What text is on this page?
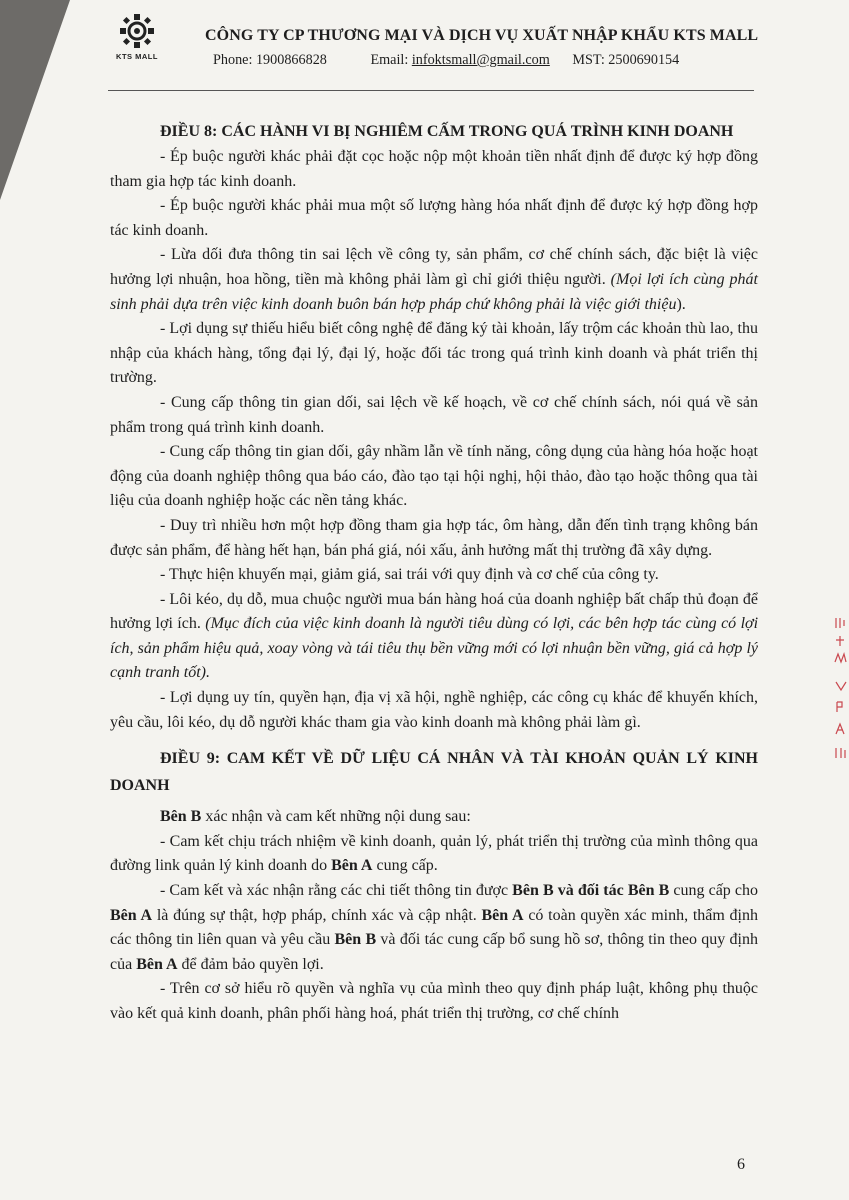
KTS MALL
CÔNG TY CP THƯƠNG MẠI VÀ DỊCH VỤ XUẤT NHẬP KHẨU KTS MALL
Phone: 1900866828	Email: infoktsmall@gmail.com MST: 2500690154

ĐIỀU 8: CÁC HÀNH VI BỊ NGHIÊM CẤM TRONG QUÁ TRÌNH KINH DOANH

- Ép buộc người khác phải đặt cọc hoặc nộp một khoản tiền nhất định để được ký hợp đồng tham gia hợp tác kinh doanh.

- Ép buộc người khác phải mua một số lượng hàng hóa nhất định để được ký hợp đồng hợp tác kinh doanh.

- Lừa dối đưa thông tin sai lệch về công ty, sản phẩm, cơ chế chính sách, đặc biệt là việc hưởng lợi nhuận, hoa hồng, tiền mà không phải làm gì chỉ giới thiệu người. (Mọi lợi ích cùng phát sinh phải dựa trên việc kinh doanh buôn bán hợp pháp chứ không phải là việc giới thiệu).

- Lợi dụng sự thiếu hiểu biết công nghệ để đăng ký tài khoản, lấy trộm các khoản thù lao, thu nhập của khách hàng, tổng đại lý, đại lý, hoặc đối tác trong quá trình kinh doanh và phát triển thị trường.

- Cung cấp thông tin gian dối, sai lệch về kế hoạch, về cơ chế chính sách, nói quá về sản phẩm trong quá trình kinh doanh.

- Cung cấp thông tin gian dối, gây nhầm lẫn về tính năng, công dụng của hàng hóa hoặc hoạt động của doanh nghiệp thông qua báo cáo, đào tạo tại hội nghị, hội thảo, đào tạo hoặc thông qua tài liệu của doanh nghiệp hoặc các nền tảng khác.

- Duy trì nhiều hơn một hợp đồng tham gia hợp tác, ôm hàng, dẫn đến tình trạng không bán được sản phẩm, để hàng hết hạn, bán phá giá, nói xấu, ảnh hưởng mất thị trường đã xây dựng.

- Thực hiện khuyến mại, giảm giá, sai trái với quy định và cơ chế của công ty.

- Lôi kéo, dụ dỗ, mua chuộc người mua bán hàng hoá của doanh nghiệp bất chấp thủ đoạn để hưởng lợi ích. (Mục đích của việc kinh doanh là người tiêu dùng có lợi, các bên hợp tác cùng có lợi ích, sản phẩm hiệu quả, xoay vòng và tái tiêu thụ bền vững mới có lợi nhuận bền vững, giá cả hợp lý cạnh tranh tốt).

- Lợi dụng uy tín, quyền hạn, địa vị xã hội, nghề nghiệp, các công cụ khác để khuyến khích, yêu cầu, lôi kéo, dụ dỗ người khác tham gia vào kinh doanh mà không phải làm gì.

ĐIỀU 9: CAM KẾT VỀ DỮ LIỆU CÁ NHÂN VÀ TÀI KHOẢN QUẢN LÝ KINH DOANH

Bên B xác nhận và cam kết những nội dung sau:

- Cam kết chịu trách nhiệm về kinh doanh, quản lý, phát triển thị trường của mình thông qua đường link quản lý kinh doanh do Bên A cung cấp.

- Cam kết và xác nhận rằng các chi tiết thông tin được Bên B và đối tác Bên B cung cấp cho Bên A là đúng sự thật, hợp pháp, chính xác và cập nhật. Bên A có toàn quyền xác minh, thẩm định các thông tin liên quan và yêu cầu Bên B và đối tác cung cấp bổ sung hồ sơ, thông tin theo quy định của Bên A để đảm bảo quyền lợi.

- Trên cơ sở hiểu rõ quyền và nghĩa vụ của mình theo quy định pháp luật, không phụ thuộc vào kết quả kinh doanh, phân phối hàng hoá, phát triển thị trường, cơ chế chính

6
